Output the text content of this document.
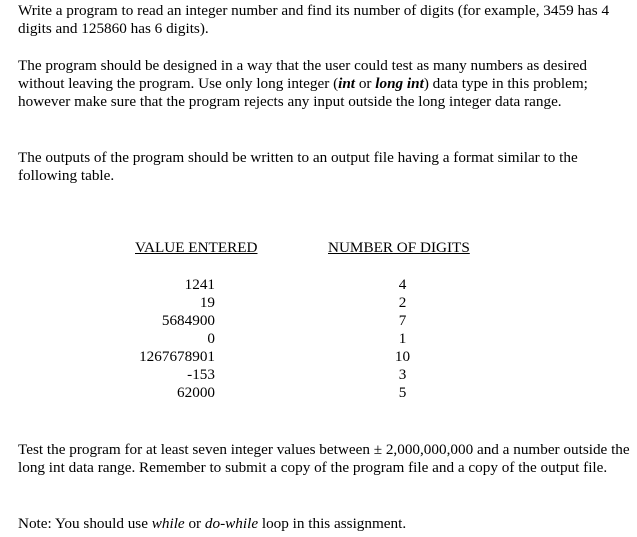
Write a program to read an integer number and find its number of digits (for example, 3459 has 4 digits and 125860 has 6 digits).

The program should be designed in a way that the user could test as many numbers as desired without leaving the program. Use only long integer (int or long int) data type in this problem; however make sure that the program rejects any input outside the long integer data range.

The outputs of the program should be written to an output file having a format similar to the following table.

VALUE ENTERED	NUMBER OF DIGITS
1241
19
5684900
0
1267678901
-153
62000
4
2
7
1
10
3
5

Test the program for at least seven integer values between ± 2,000,000,000 and a number outside the long int data range. Remember to submit a copy of the program file and a copy of the output file.

Note: You should use while or do-while loop in this assignment.
